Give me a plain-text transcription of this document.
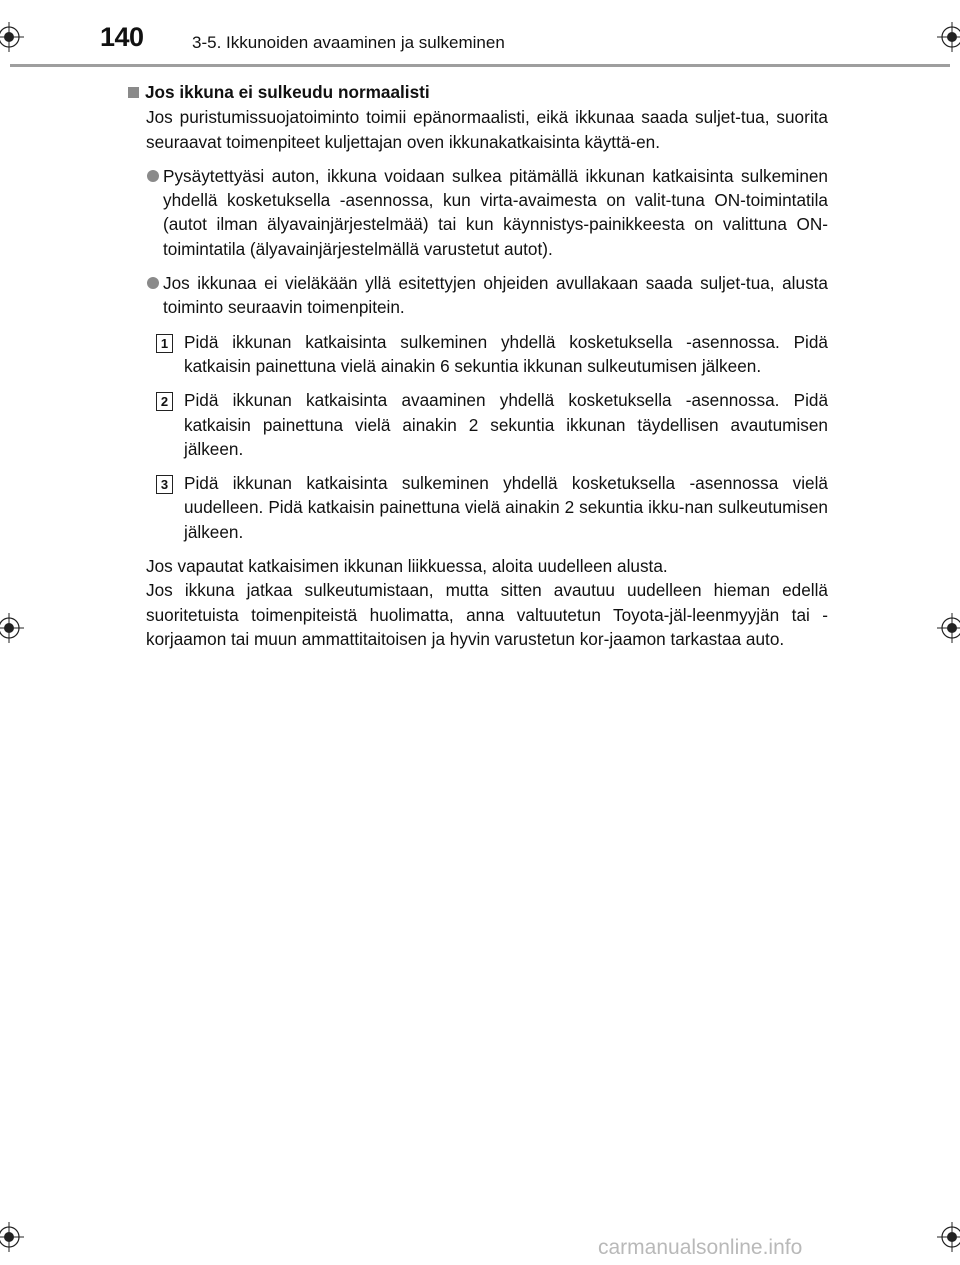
140	3-5. Ikkunoiden avaaminen ja sulkeminen
Jos ikkuna ei sulkeudu normaalisti

Jos puristumissuojatoiminto toimii epänormaalisti, eikä ikkunaa saada suljet-tua, suorita seuraavat toimenpiteet kuljettajan oven ikkunakatkaisinta käyttä-en.

Pysäytettyäsi auton, ikkuna voidaan sulkea pitämällä ikkunan katkaisinta sulkeminen yhdellä kosketuksella -asennossa, kun virta-avaimesta on valit-tuna ON-toimintatila (autot ilman älyavainjärjestelmää) tai kun käynnistys-painikkeesta on valittuna ON-toimintatila (älyavainjärjestelmällä varustetut autot).
Jos ikkunaa ei vieläkään yllä esitettyjen ohjeiden avullakaan saada suljet-tua, alusta toiminto seuraavin toimenpitein.
1 Pidä ikkunan katkaisinta sulkeminen yhdellä kosketuksella -asennossa. Pidä katkaisin painettuna vielä ainakin 6 sekuntia ikkunan sulkeutumisen jälkeen.
2 Pidä ikkunan katkaisinta avaaminen yhdellä kosketuksella -asennossa. Pidä katkaisin painettuna vielä ainakin 2 sekuntia ikkunan täydellisen avautumisen jälkeen.
3 Pidä ikkunan katkaisinta sulkeminen yhdellä kosketuksella -asennossa vielä uudelleen. Pidä katkaisin painettuna vielä ainakin 2 sekuntia ikku-nan sulkeutumisen jälkeen.

Jos vapautat katkaisimen ikkunan liikkuessa, aloita uudelleen alusta.

Jos ikkuna jatkaa sulkeutumistaan, mutta sitten avautuu uudelleen hieman edellä suoritetuista toimenpiteistä huolimatta, anna valtuutetun Toyota-jäl-leenmyyjän tai -korjaamon tai muun ammattitaitoisen ja hyvin varustetun kor-jaamon tarkastaa auto.

carmanualsonline.info
